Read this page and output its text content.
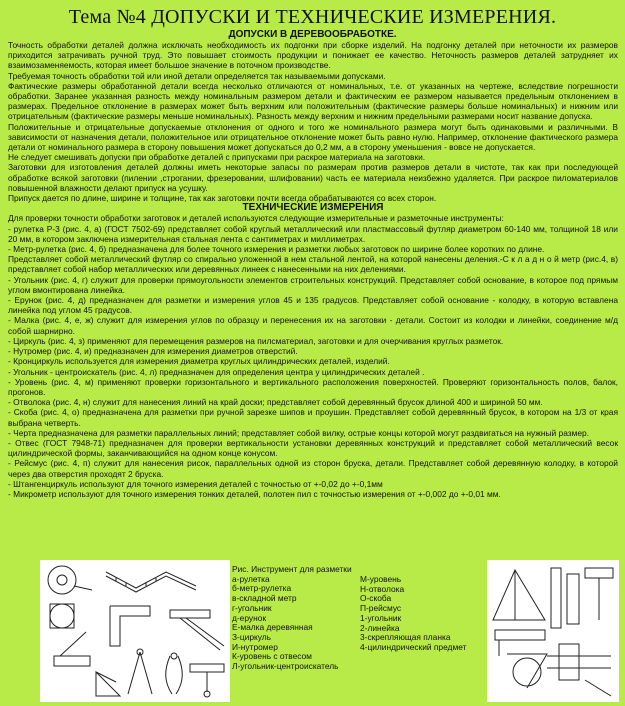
Тема №4 ДОПУСКИ И ТЕХНИЧЕСКИЕ ИЗМЕРЕНИЯ.
ДОПУСКИ В ДЕРЕВООБРАБОТКЕ.

Точность обработки деталей должна исключать необходимость их подгонки при сборке изделий. На подгонку деталей при неточности их размеров приходится затрачивать ручной труд. Это повышает стоимость продукции и понижает ее качество. Неточность размеров деталей затрудняет их взаимозаменяемость, которая имеет большое значение в поточном производстве.

Требуемая точность обработки той или иной детали определяется так называемыми допусками.

Фактические размеры обработанной детали всегда несколько отличаются от номинальных, т.е. от указанных на чертеже, вследствие погрешности обработки. Заранее указанная разность между номинальным размером детали и фактическим ее размером называется предельным отклонением в размерах. Предельное отклонение в размерах может быть верхним или положительным (фактические размеры больше номинальных) и нижним или отрицательным (фактические размеры меньше номинальных). Разность между верхним и нижним предельными размерами носит название допуска.

Положительные и отрицательные допускаемые отклонения от одного и того же номинального размера могут быть одинаковыми и различными. В зависимости от назначения детали, положительное или отрицательное отклонение может быть равно нулю. Например, отклонение фактического размера детали от номинального размера в сторону повышения может допускаться до 0,2 мм, а в сторону уменьшения - вовсе не допускается.

Не следует смешивать допуски при обработке деталей с припусками при раскрое материала на заготовки.

Заготовки для изготовления деталей должны иметь некоторые запасы по размерам против размеров детали в чистоте, так как при последующей обработке всякой заготовки (пилении ,строгании, фрезеровании, шлифовании) часть ее материала неизбежно удаляется. При раскрое пиломатериалов повышенной влажности делают припуск на усушку.

Припуск дается по длине, ширине и толщине, так как заготовки почти всегда обрабатываются со всех сторон.

ТЕХНИЧЕСКИЕ ИЗМЕРЕНИЯ

Для проверки точности обработки заготовок и деталей используются следующие измерительные и разметочные инструменты:

- рулетка Р-3 (рис. 4, а) (ГОСТ 7502-69) представляет собой круглый металлический или пластмассовый футляр диаметром 60-140 мм, толщиной 18 или 20 мм, в котором заключена измерительная стальная лента с сантиметрах и миллиметрах.

- Метр-рулетка (рис. 4, б) предназначена для более точного измерения и разметки любых заготовок по ширине более коротких по длине.

Представляет собой металлический футляр со спирально уложенной в нем стальной лентой, на которой нанесены деления.-С к л а д н о й метр (рис.4, в) представляет собой набор металлических или деревянных линеек с нанесенными на них делениями.

- Угольник (рис. 4, г) служит для проверки прямоугольности элементов строительных конструкций. Представляет собой основание, в которое под прямым углом вмонтирована линейка.

- Ерунок (рис. 4, д) предназначен для разметки и измерения углов 45 и 135 градусов. Представляет собой основание - колодку, в которую вставлена линейка под углом 45 градусов.

- Малка (рис. 4, е, ж) служит для измерения углов по образцу и перенесения их на заготовки - детали. Состоит из колодки и линейки, соединение м/д собой шарнирно.

- Циркуль (рис. 4, з) применяют для перемещения размеров на пилсматериал, заготовки и для очерчивания круглых разметок.

- Нутромер (рис. 4, и) предназначен для измерения диаметров отверстий.

- Кронциркуль используется для измерения диаметра круглых цилиндрических деталей, изделий.

- Угольник - центроискатель (рис. 4, л) предназначен для определения центра у цилиндрических деталей .

- Уровень (рис. 4, м) применяют проверки горизонтального и вертикального расположения поверхностей. Проверяют горизонтальность полов, балок, прогонов.

- Отволока (рис. 4, н) служит для нанесения линий на край доски; представляет собой деревянный брусок длиной 400 и шириной 50 мм.

- Скоба (рис. 4, о) предназначена для разметки при ручной зарезке шипов и проушин. Представляет собой деревянный брусок, в котором на 1/3 от края выбрана четверть.

- Черта предназначена для разметки параллельных линий; представляет собой вилку, острые концы которой могут раздвигаться на нужный размер.

- Отвес (ГОСТ 7948-71) предназначен для проверки вертикальности установки деревянных конструкций и представляет собой металлический весок цилиндрической формы, заканчивающийся на одном конце конусом.

- Рейсмус (рис. 4, п) служит для нанесения рисок, параллельных одной из сторон бруска, детали. Представляет собой деревянную колодку, в которой через два отверстия проходят 2 бруска.

- Штангенциркуль используют для точного измерения деталей с точностью от +-0,02 до +-0,1мм

- Микрометр используют для точного измерения тонких деталей, полотен пил с точностью измерения от +-0,002 до +-0,01 мм.

Рис. Инструмент для разметки
а-рулетка
б-метр-рулетка
в-складной метр
г-угольник
д-ерунок
Е-малка деревянная
З-циркуль
И-нутромер
К-уровень с отвесом
Л-угольник-центроискатель
М-уровень
Н-отволока
О-скоба
П-рейсмус
1-угольник
2-линейка
3-скрепляющая планка
4-цилиндрический предмет
